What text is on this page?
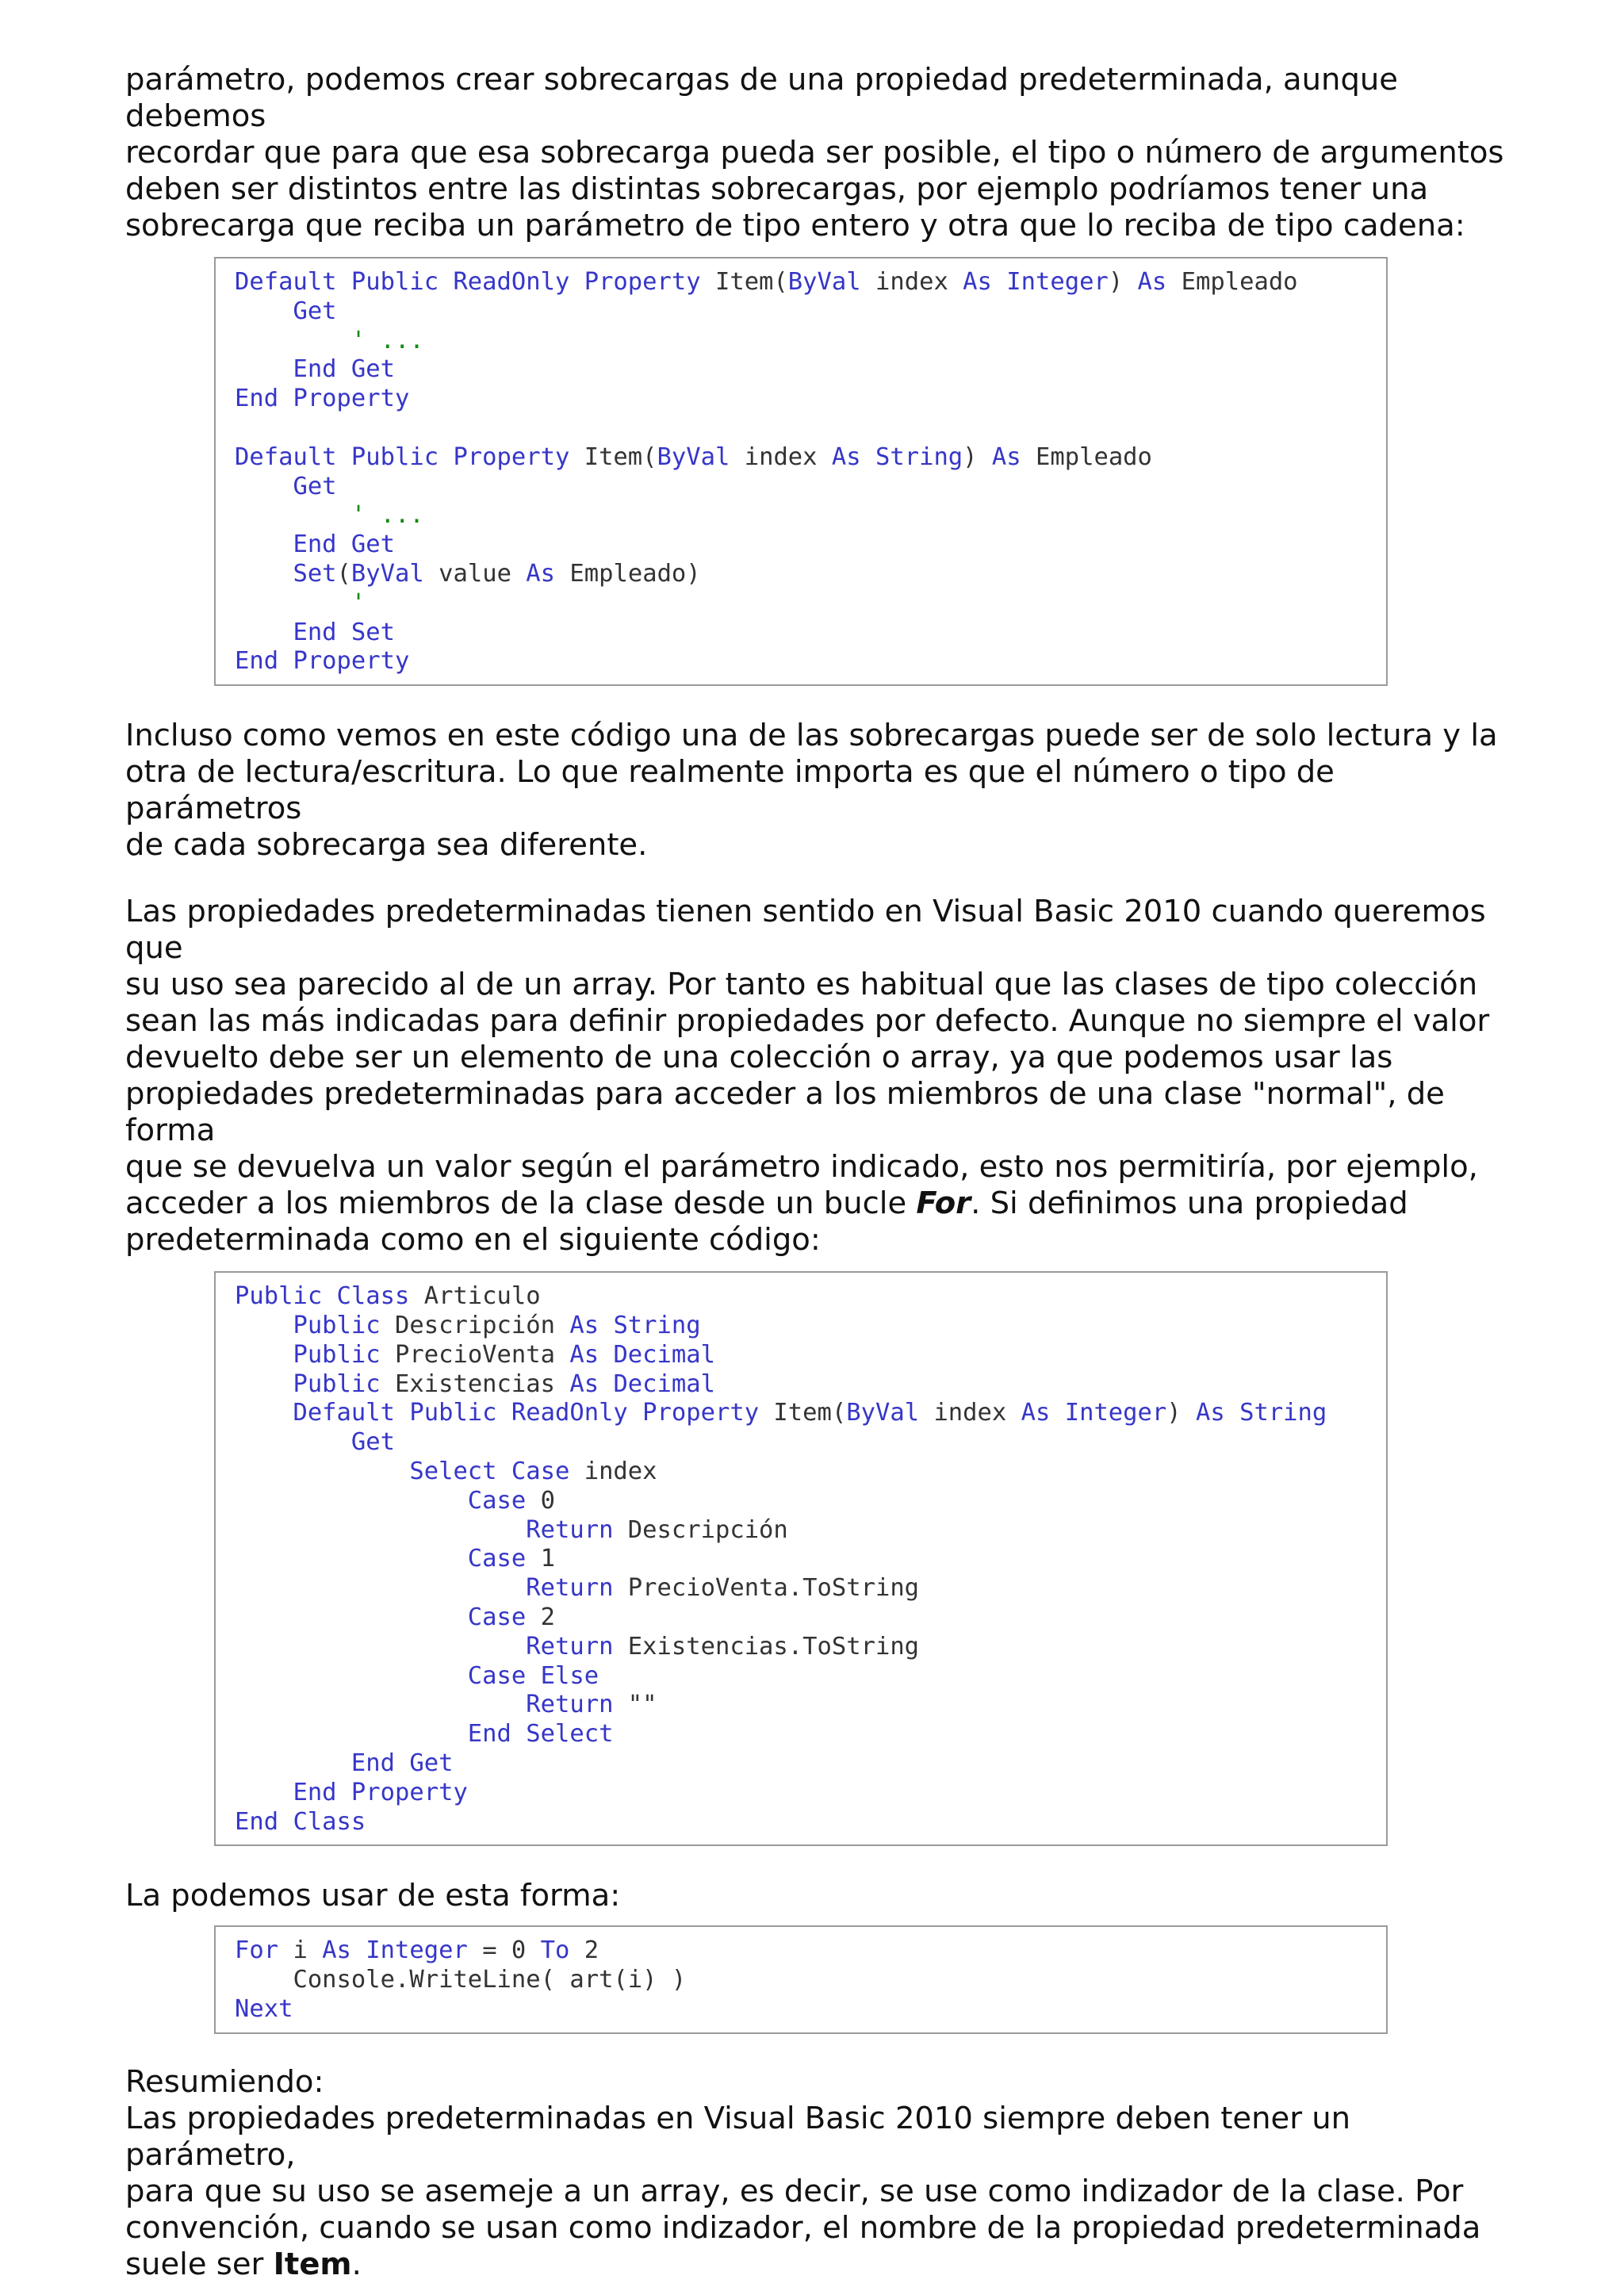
parámetro, podemos crear sobrecargas de una propiedad predeterminada, aunque debemos
recordar que para que esa sobrecarga pueda ser posible, el tipo o número de argumentos
deben ser distintos entre las distintas sobrecargas, por ejemplo podríamos tener una
sobrecarga que reciba un parámetro de tipo entero y otra que lo reciba de tipo cadena:

Default Public ReadOnly Property Item(ByVal index As Integer) As Empleado
Get
' ...
End Get
End Property
Default Public Property Item(ByVal index As String) As Empleado
Get
' ...
End Get
Set(ByVal value As Empleado)
'
End Set
End Property

Incluso como vemos en este código una de las sobrecargas puede ser de solo lectura y la
otra de lectura/escritura. Lo que realmente importa es que el número o tipo de parámetros
de cada sobrecarga sea diferente.

Las propiedades predeterminadas tienen sentido en Visual Basic 2010 cuando queremos que
su uso sea parecido al de un array. Por tanto es habitual que las clases de tipo colección
sean las más indicadas para definir propiedades por defecto. Aunque no siempre el valor
devuelto debe ser un elemento de una colección o array, ya que podemos usar las
propiedades predeterminadas para acceder a los miembros de una clase "normal", de forma
que se devuelva un valor según el parámetro indicado, esto nos permitiría, por ejemplo,
acceder a los miembros de la clase desde un bucle For. Si definimos una propiedad
predeterminada como en el siguiente código:

Public Class Articulo
Public Descripción As String
Public PrecioVenta As Decimal
Public Existencias As Decimal
Default Public ReadOnly Property Item(ByVal index As Integer) As String
Get
Select Case index
Case 0
Return Descripción
Case 1
Return PrecioVenta.ToString
Case 2
Return Existencias.ToString
Case Else
Return ""
End Select
End Get
End Property
End Class

La podemos usar de esta forma:

For i As Integer = 0 To 2
Console.WriteLine( art(i) )
Next

Resumiendo:
Las propiedades predeterminadas en Visual Basic 2010 siempre deben tener un parámetro,
para que su uso se asemeje a un array, es decir, se use como indizador de la clase. Por
convención, cuando se usan como indizador, el nombre de la propiedad predeterminada
suele ser Item.
